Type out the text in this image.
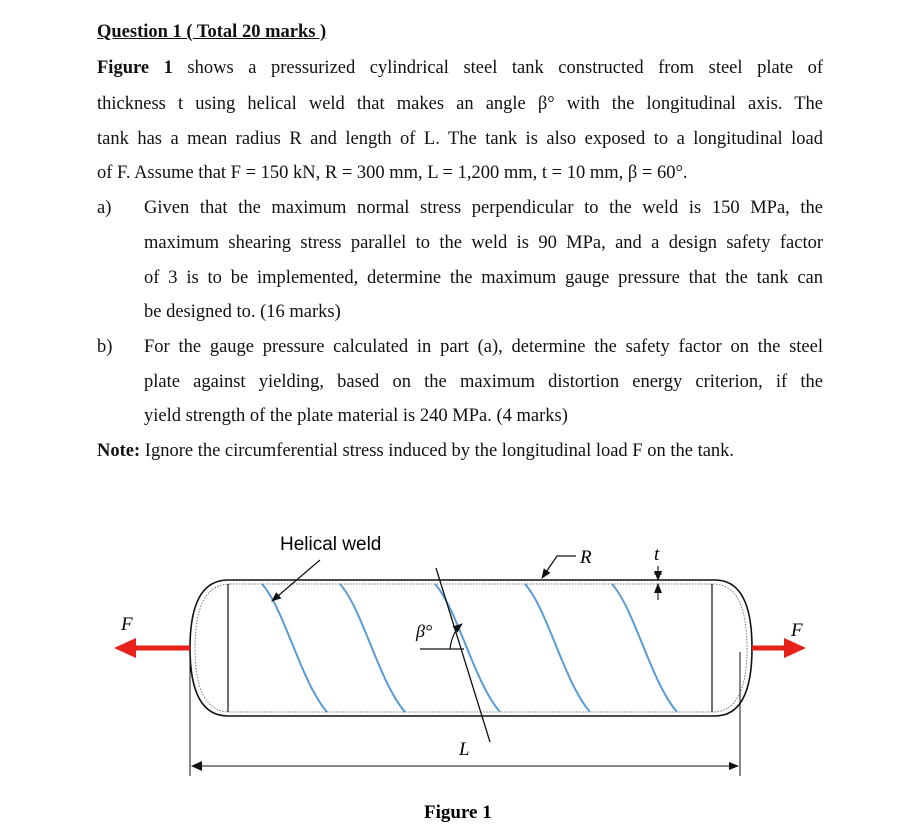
Question 1 ( Total 20 marks )
Figure 1 shows a pressurized cylindrical steel tank constructed from steel plate of
thickness t using helical weld that makes an angle β° with the longitudinal axis. The
tank has a mean radius R and length of L. The tank is also exposed to a longitudinal load
of F. Assume that F = 150 kN, R = 300 mm, L = 1,200 mm, t = 10 mm, β = 60°.
a) Given that the maximum normal stress perpendicular to the weld is 150 MPa, the
maximum shearing stress parallel to the weld is 90 MPa, and a design safety factor
of 3 is to be implemented, determine the maximum gauge pressure that the tank can
be designed to. (16 marks)
b) For the gauge pressure calculated in part (a), determine the safety factor on the steel
plate against yielding, based on the maximum distortion energy criterion, if the
yield strength of the plate material is 240 MPa. (4 marks)
Note: Ignore the circumferential stress induced by the longitudinal load F on the tank.
β°
Helical weld
R	t
F	F
L
Figure 1
